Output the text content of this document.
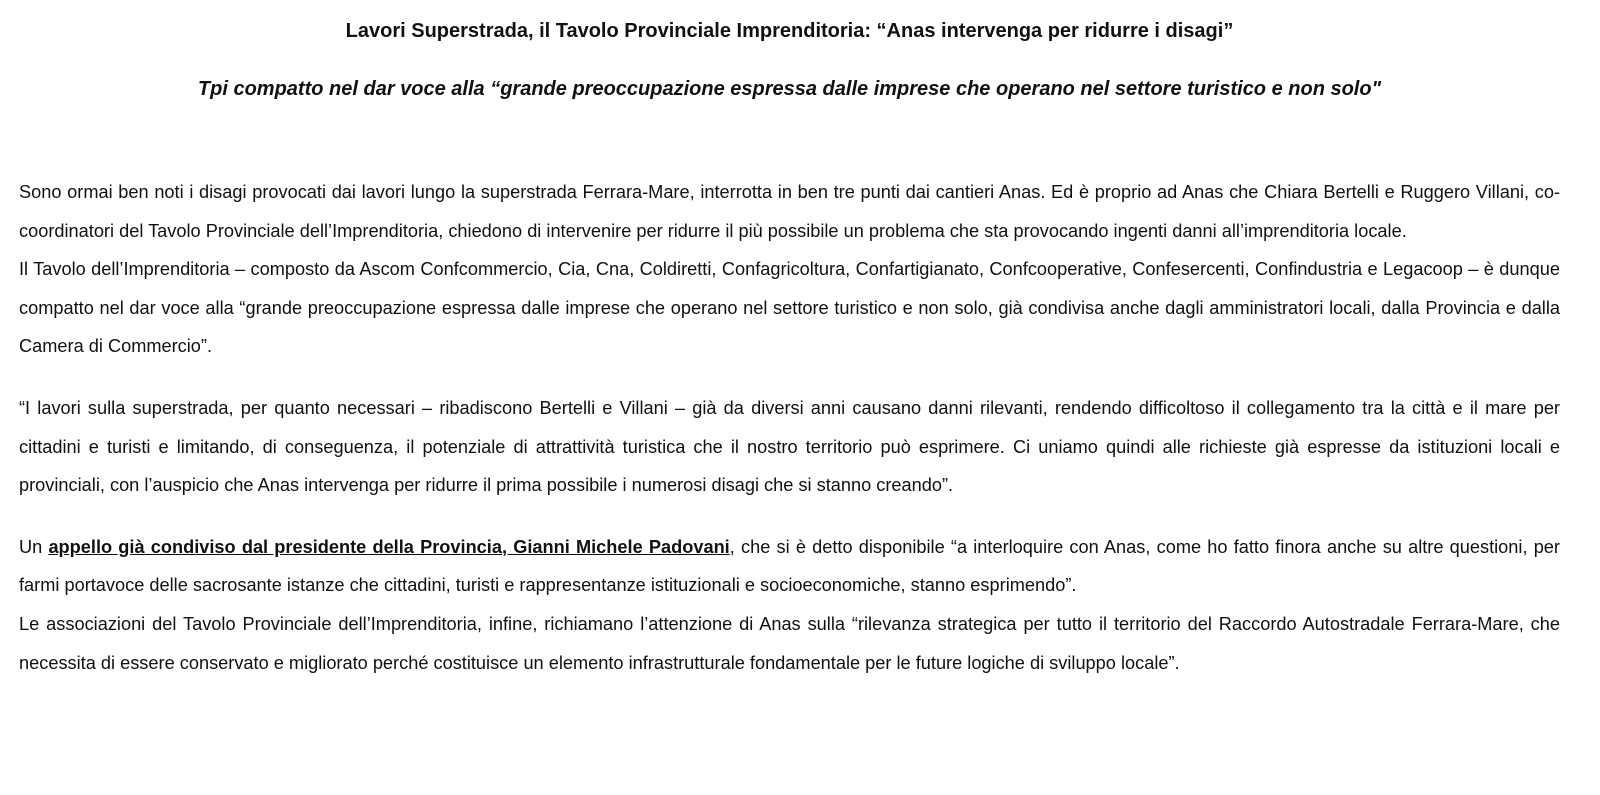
Lavori Superstrada, il Tavolo Provinciale Imprenditoria: “Anas intervenga per ridurre i disagi”
Tpi compatto nel dar voce alla “grande preoccupazione espressa dalle imprese che operano nel settore turistico e non solo"

Sono ormai ben noti i disagi provocati dai lavori lungo la superstrada Ferrara-Mare, interrotta in ben tre punti dai cantieri Anas. Ed è proprio ad Anas che Chiara Bertelli e Ruggero Villani, co-coordinatori del Tavolo Provinciale dell’Imprenditoria, chiedono di intervenire per ridurre il più possibile un problema che sta provocando ingenti danni all’imprenditoria locale.

Il Tavolo dell’Imprenditoria – composto da Ascom Confcommercio, Cia, Cna, Coldiretti, Confagricoltura, Confartigianato, Confcooperative, Confesercenti, Confindustria e Legacoop – è dunque compatto nel dar voce alla “grande preoccupazione espressa dalle imprese che operano nel settore turistico e non solo, già condivisa anche dagli amministratori locali, dalla Provincia e dalla Camera di Commercio”.

“I lavori sulla superstrada, per quanto necessari – ribadiscono Bertelli e Villani – già da diversi anni causano danni rilevanti, rendendo difficoltoso il collegamento tra la città e il mare per cittadini e turisti e limitando, di conseguenza, il potenziale di attrattività turistica che il nostro territorio può esprimere. Ci uniamo quindi alle richieste già espresse da istituzioni locali e provinciali, con l’auspicio che Anas intervenga per ridurre il prima possibile i numerosi disagi che si stanno creando”.

Un appello già condiviso dal presidente della Provincia, Gianni Michele Padovani, che si è detto disponibile “a interloquire con Anas, come ho fatto finora anche su altre questioni, per farmi portavoce delle sacrosante istanze che cittadini, turisti e rappresentanze istituzionali e socioeconomiche, stanno esprimendo”.

Le associazioni del Tavolo Provinciale dell’Imprenditoria, infine, richiamano l’attenzione di Anas sulla “rilevanza strategica per tutto il territorio del Raccordo Autostradale Ferrara-Mare, che necessita di essere conservato e migliorato perché costituisce un elemento infrastrutturale fondamentale per le future logiche di sviluppo locale”.
